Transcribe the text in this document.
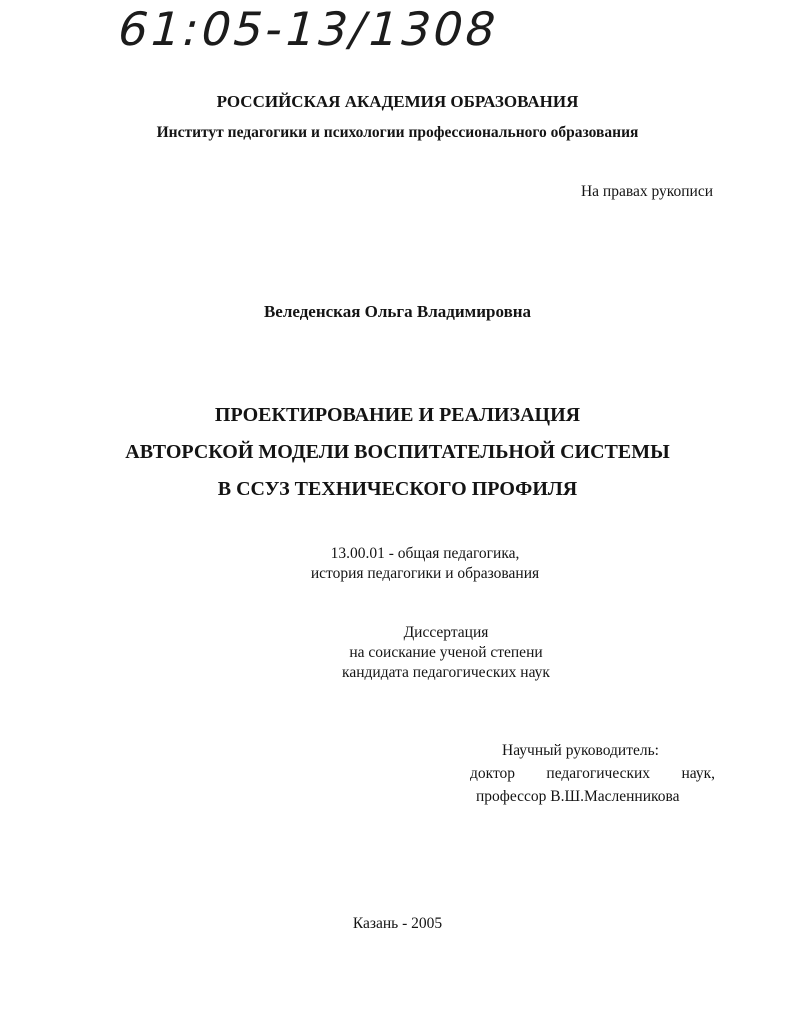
61:05-13/1308

РОССИЙСКАЯ АКАДЕМИЯ ОБРАЗОВАНИЯ

Институт педагогики и психологии профессионального образования

На правах рукописи

Веледенская Ольга Владимировна

ПРОЕКТИРОВАНИЕ И РЕАЛИЗАЦИЯ
АВТОРСКОЙ МОДЕЛИ ВОСПИТАТЕЛЬНОЙ СИСТЕМЫ
В ССУЗ ТЕХНИЧЕСКОГО ПРОФИЛЯ

13.00.01 - общая педагогика,
история педагогики и образования

Диссертация
на соискание ученой степени
кандидата педагогических наук

Научный руководитель:
доктор педагогических наук,
профессор В.Ш.Масленникова

Казань - 2005
